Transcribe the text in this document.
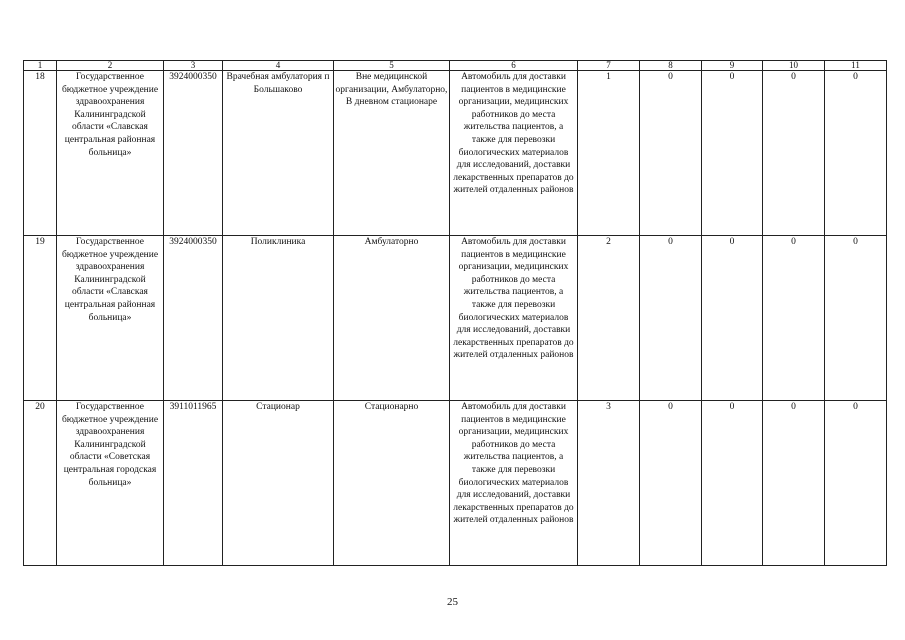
1	2	3	4	5	6	7	8	9	10	11
18	Государственное бюджетное учреждение здравоохранения Калининградской области «Славская центральная районная больница»	3924000350	Врачебная амбулатория п Большаково	Вне медицинской организации, Амбулаторно, В дневном стационаре	Автомобиль для доставки пациентов в медицинские организации, медицинских работников до места жительства пациентов, а также для перевозки биологических материалов для исследований, доставки лекарственных препаратов до жителей отдаленных районов	1	0	0	0	0
19	Государственное бюджетное учреждение здравоохранения Калининградской области «Славская центральная районная больница»	3924000350	Поликлиника	Амбулаторно	Автомобиль для доставки пациентов в медицинские организации, медицинских работников до места жительства пациентов, а также для перевозки биологических материалов для исследований, доставки лекарственных препаратов до жителей отдаленных районов	2	0	0	0	0
20	Государственное бюджетное учреждение здравоохранения Калининградской области «Советская центральная городская больница»	3911011965	Стационар	Стационарно	Автомобиль для доставки пациентов в медицинские организации, медицинских работников до места жительства пациентов, а также для перевозки биологических материалов для исследований, доставки лекарственных препаратов до жителей отдаленных районов	3	0	0	0	0
25
